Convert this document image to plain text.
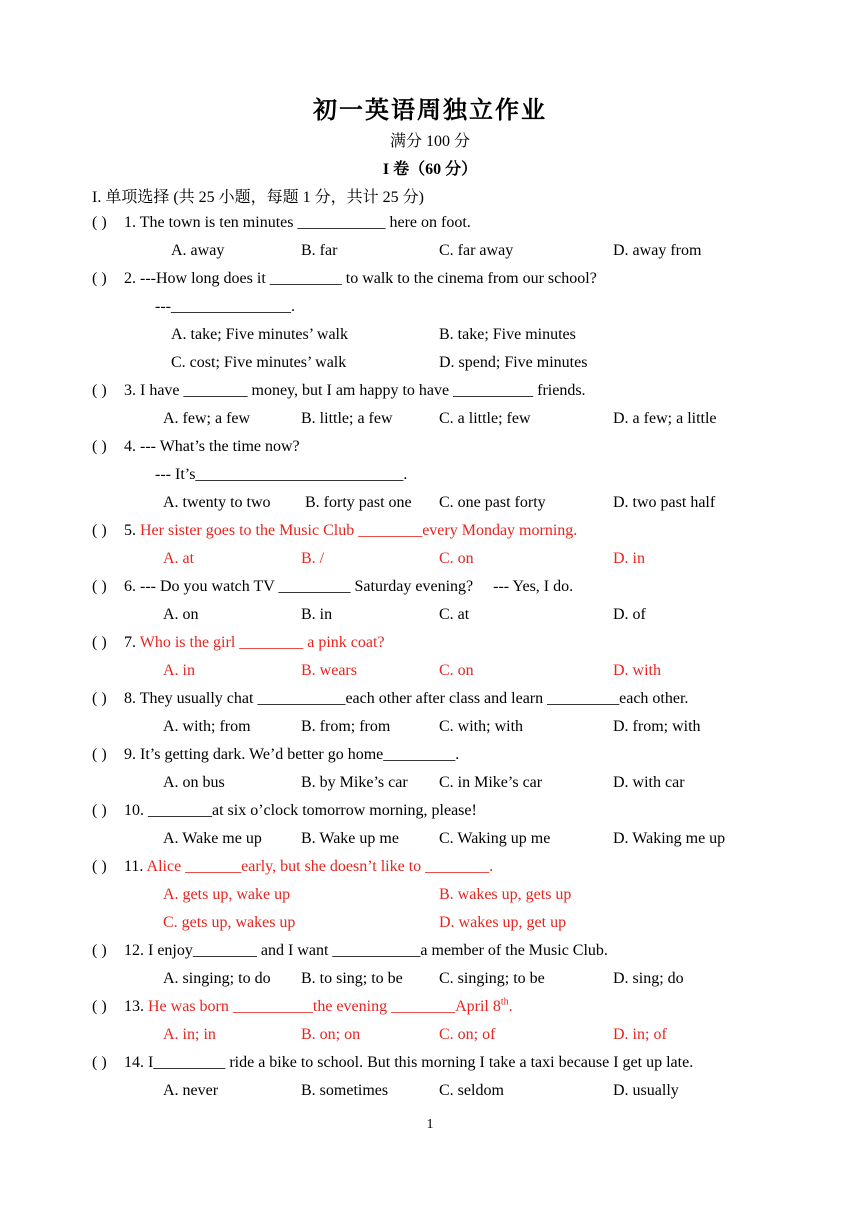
初一英语周独立作业
满分 100 分
I 卷（60 分）
I. 单项选择 (共 25 小题，每题 1 分，共计 25 分)
( ) 1. The town is ten minutes ___________ here on foot.
A. away	B. far	C. far away	D. away from
( ) 2. ---How long does it _________ to walk to the cinema from our school?
---_______________.
A. take; Five minutes’ walk	B. take; Five minutes
C. cost; Five minutes’ walk	D. spend; Five minutes
( ) 3. I have ________ money, but I am happy to have __________ friends.
A. few; a few	B. little; a few	C. a little; few	D. a few; a little
( ) 4. --- What’s the time now?
--- It’s__________________________.
A. twenty to two B. forty past one C. one past forty	D. two past half
( ) 5. Her sister goes to the Music Club ________every Monday morning.
A. at	B. /	C. on	D. in
( ) 6. --- Do you watch TV _________ Saturday evening?     --- Yes, I do.
A. on	B. in	C. at	D. of
( ) 7. Who is the girl ________ a pink coat?
A. in	B. wears	C. on	D. with
( ) 8. They usually chat ___________each other after class and learn _________each other.
A. with; from	B. from; from	C. with; with	D. from; with
( ) 9. It’s getting dark. We’d better go home_________.
A. on bus	B. by Mike’s car C. in Mike’s car	D. with car
( ) 10. ________at six o’clock tomorrow morning, please!
A. Wake me up B. Wake up me	C. Waking up me	D. Waking me up
( ) 11. Alice _______early, but she doesn’t like to ________.
A. gets up, wake up	B. wakes up, gets up
C. gets up, wakes up	D. wakes up, get up
( ) 12. I enjoy________ and I want ___________a member of the Music Club.
A. singing; to do B. to sing; to be C. singing; to be	D. sing; do
( ) 13. He was born __________the evening ________April 8th.
A. in; in	B. on; on	C. on; of	D. in; of
( ) 14. I_________ ride a bike to school. But this morning I take a taxi because I get up late.
A. never	B. sometimes	C. seldom	D. usually
1
